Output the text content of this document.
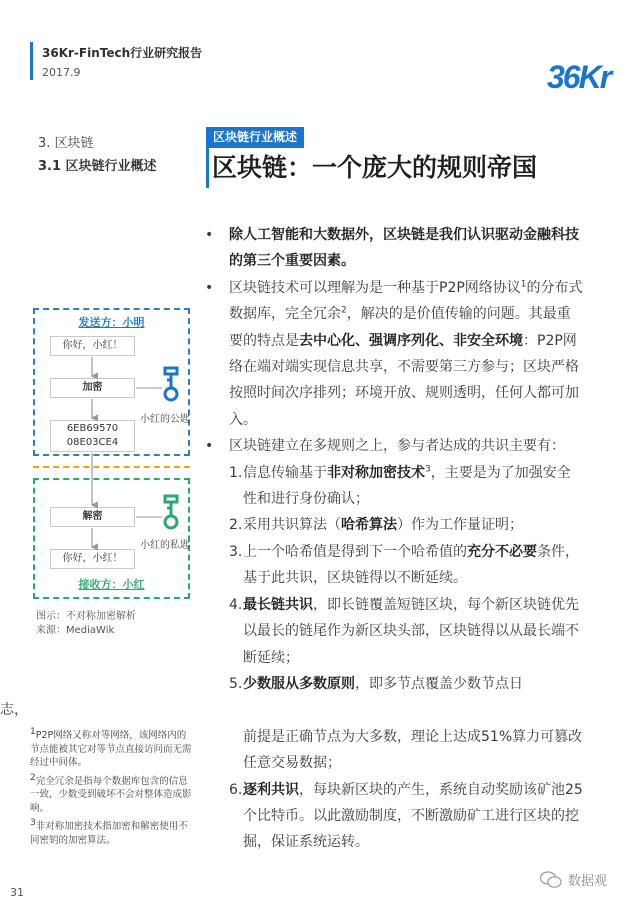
36Kr-FinTech行业研究报告
2017.9	36Kr
3. 区块链
3.1 区块链行业概述
区块链行业概述
区块链：一个庞大的规则帝国
发送方：小明
你好，小红！
加密
6EB69570
08E03CE4
解密
你好，小红！
接收方：小红
小红的公匙
小红的私匙
图示：不对称加密解析
来源：MediaWik
• 除人工智能和大数据外，区块链是我们认识驱动金融科技的第三个重要因素。
• 区块链技术可以理解为是一种基于P2P网络协议$^1$的分布式数据库，完全冗余$^2$，解决的是价值传输的问题。其最重要的特点是去中心化、强调序列化、非安全环境：P2P网络在端对端实现信息共享，不需要第三方参与；区块严格按照时间次序排列；环境开放、规则透明，任何人都可加入。
• 区块链建立在多规则之上，参与者达成的共识主要有：
1. 信息传输基于非对称加密技术$^3$，主要是为了加强安全性和进行身份确认；
2. 采用共识算法（哈希算法）作为工作量证明；
3. 上一个哈希值是得到下一个哈希值的充分不必要条件，基于此共识，区块链得以不断延续。
4. 最长链共识，即长链覆盖短链区块，每个新区块链优先以最长的链尾作为新区块头部，区块链得以从最长端不断延续；
5. 少数服从多数原则，即多节点覆盖少数节点日
志，
前提是正确节点为大多数，理论上达成51%算力可篡改任意交易数据；
6. 逐利共识，每块新区块的产生，系统自动奖励该矿池25个比特币。以此激励制度，不断激励矿工进行区块的挖掘，保证系统运转。
$^1$P2P网络又称对等网络，该网络内的节点能被其它对等节点直接访问而无需经过中间体。
$^2$完全冗余是指每个数据库包含的信息一致，少数受到破坏不会对整体造成影响。
$^3$非对称加密技术指加密和解密使用不同密钥的加密算法。
31
数据观
